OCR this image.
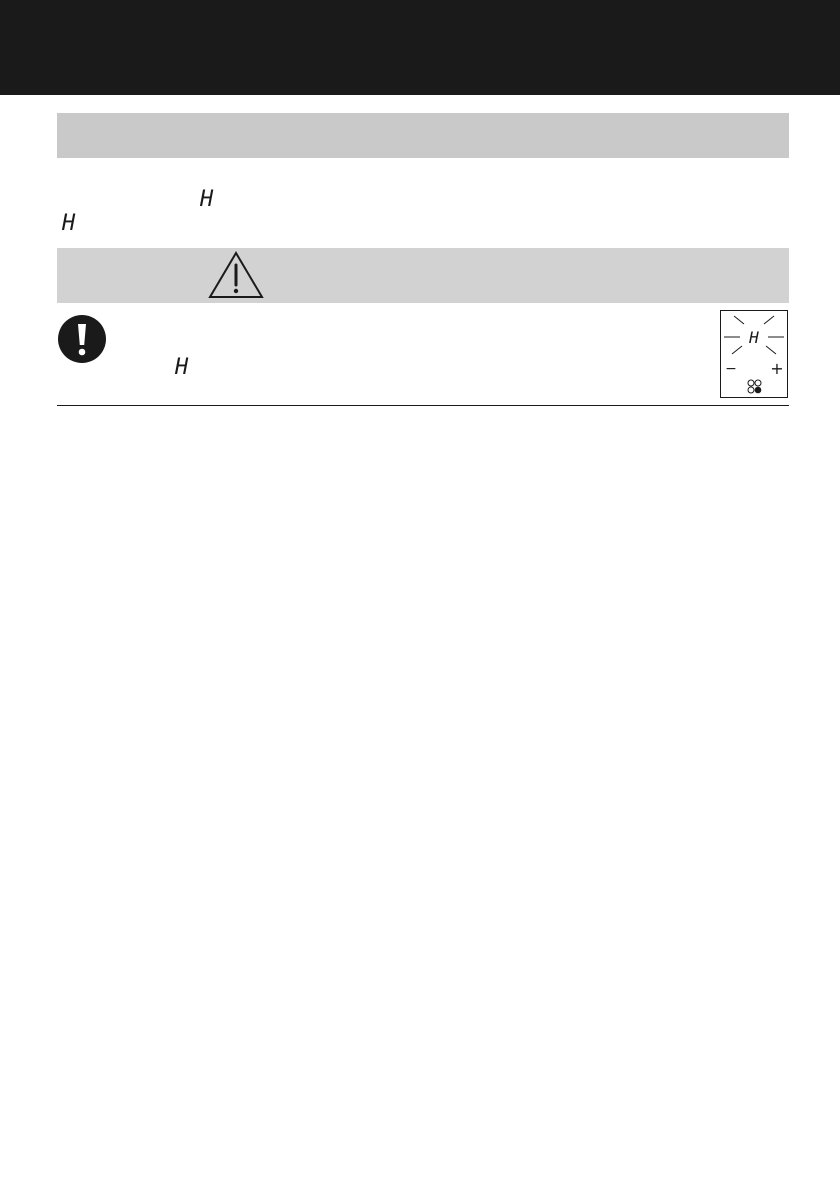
H
H
H
H
− +
